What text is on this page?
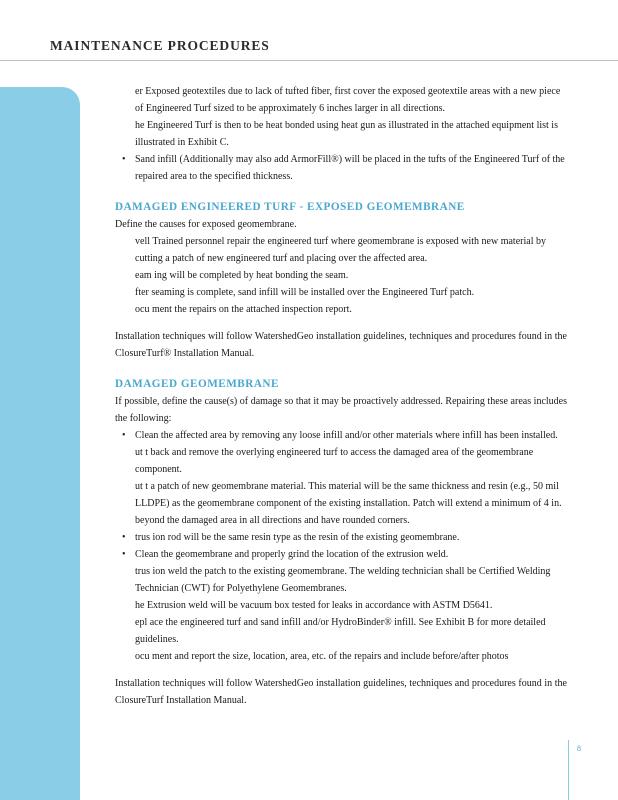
MAINTENANCE PROCEDURES
er Exposed geotextiles due to lack of tufted fiber, first cover the exposed geotextile areas with a new piece of Engineered Turf sized to be approximately 6 inches larger in all directions.
he Engineered Turf is then to be heat bonded using heat gun as illustrated in the attached equipment list is illustrated in Exhibit C.
• Sand infill (Additionally may also add ArmorFill®) will be placed in the tufts of the Engineered Turf of the repaired area to the specified thickness.
DAMAGED ENGINEERED TURF - EXPOSED GEOMEMBRANE

Define the causes for exposed geomembrane.

vell Trained personnel repair the engineered turf where geomembrane is exposed with new material by cutting a patch of new engineered turf and placing over the affected area.
eam ing will be completed by heat bonding the seam.
fter seaming is complete, sand infill will be installed over the Engineered Turf patch.
ocu ment the repairs on the attached inspection report.

Installation techniques will follow WatershedGeo installation guidelines, techniques and procedures found in the ClosureTurf® Installation Manual.

DAMAGED GEOMEMBRANE

If possible, define the cause(s) of damage so that it may be proactively addressed. Repairing these areas includes the following:

• Clean the affected area by removing any loose infill and/or other materials where infill has been installed.
ut t back and remove the overlying engineered turf to access the damaged area of the geomembrane component.
ut t a patch of new geomembrane material. This material will be the same thickness and resin (e.g., 50 mil LLDPE) as the geomembrane component of the existing installation. Patch will extend a minimum of 4 in. beyond the damaged area in all directions and have rounded corners.
• trus ion rod will be the same resin type as the resin of the existing geomembrane.
• Clean the geomembrane and properly grind the location of the extrusion weld.
trus ion weld the patch to the existing geomembrane. The welding technician shall be Certified Welding Technician (CWT) for Polyethylene Geomembranes.
he Extrusion weld will be vacuum box tested for leaks in accordance with ASTM D5641.
epl ace the engineered turf and sand infill and/or HydroBinder® infill. See Exhibit B for more detailed guidelines.
ocu ment and report the size, location, area, etc. of the repairs and include before/after photos

Installation techniques will follow WatershedGeo installation guidelines, techniques and procedures found in the ClosureTurf Installation Manual.

8
